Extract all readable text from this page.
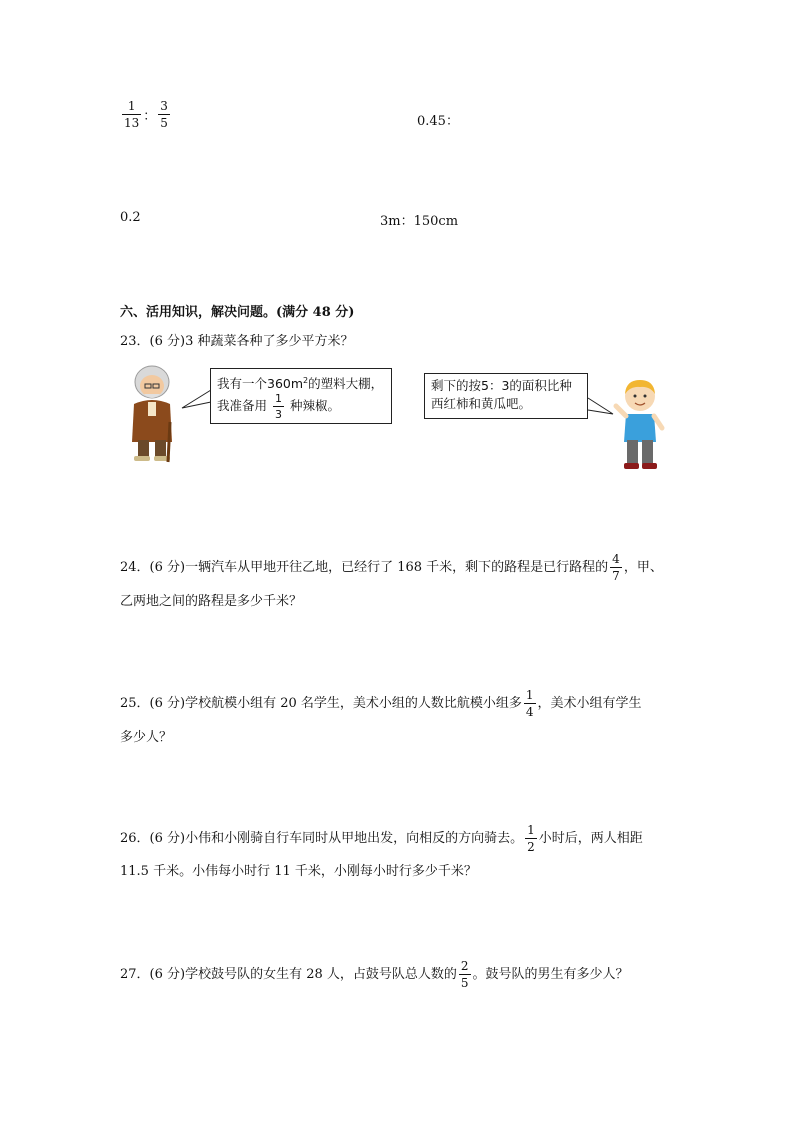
$\frac{1}{13}$ ： $\frac{3}{5}$	0.45：
0.2	3m：150cm
六、活用知识，解决问题。(满分 48 分)
23．(6 分)3 种蔬菜各种了多少平方米？
我有一个$360m^2$的塑料大棚，
我准备用 $\frac{1}{3}$ 种辣椒。
剩下的按5：3的面积比种
西红柿和黄瓜吧。
24．(6 分)一辆汽车从甲地开往乙地，已经行了 168 千米，剩下的路程是已行路程的 $\frac{4}{7}$ ，甲、
乙两地之间的路程是多少千米？
25．(6 分)学校航模小组有 20 名学生，美术小组的人数比航模小组多 $\frac{1}{4}$ ，美术小组有学生
多少人？
26．(6 分)小伟和小刚骑自行车同时从甲地出发，向相反的方向骑去。 $\frac{1}{2}$ 小时后，两人相距
11.5 千米。小伟每小时行 11 千米，小刚每小时行多少千米？
27．(6 分)学校鼓号队的女生有 28 人，占鼓号队总人数的 $\frac{2}{5}$ 。鼓号队的男生有多少人？
